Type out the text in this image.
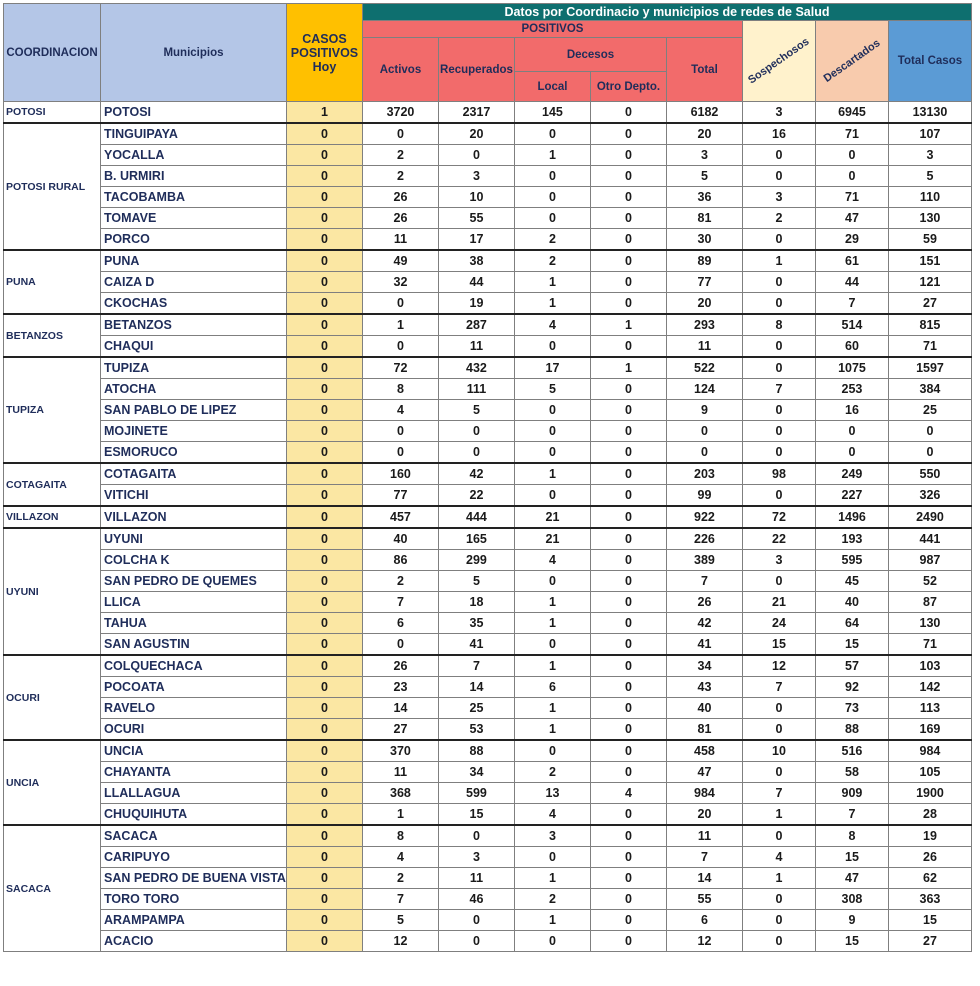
COORDINACION	Municipios	CASOS POSITIVOS Hoy	Datos por Coordinacio y municipios de redes de Salud							
			POSITIVOS					Sospechosos	Descartados	Total Casos
			Activos	Recuperados	Decesos		Total			
					Local	Otro Depto.				
POTOSI	POTOSI	1	3720	2317	145	0	6182	3	6945	13130
POTOSI RURAL	TINGUIPAYA	0	0	20	0	0	20	16	71	107
	YOCALLA	0	2	0	1	0	3	0	0	3
	B. URMIRI	0	2	3	0	0	5	0	0	5
	TACOBAMBA	0	26	10	0	0	36	3	71	110
	TOMAVE	0	26	55	0	0	81	2	47	130
	PORCO	0	11	17	2	0	30	0	29	59
PUNA	PUNA	0	49	38	2	0	89	1	61	151
	CAIZA D	0	32	44	1	0	77	0	44	121
	CKOCHAS	0	0	19	1	0	20	0	7	27
BETANZOS	BETANZOS	0	1	287	4	1	293	8	514	815
	CHAQUI	0	0	11	0	0	11	0	60	71
TUPIZA	TUPIZA	0	72	432	17	1	522	0	1075	1597
	ATOCHA	0	8	111	5	0	124	7	253	384
	SAN PABLO DE LIPEZ	0	4	5	0	0	9	0	16	25
	MOJINETE	0	0	0	0	0	0	0	0	0
	ESMORUCO	0	0	0	0	0	0	0	0	0
COTAGAITA	COTAGAITA	0	160	42	1	0	203	98	249	550
	VITICHI	0	77	22	0	0	99	0	227	326
VILLAZON	VILLAZON	0	457	444	21	0	922	72	1496	2490
UYUNI	UYUNI	0	40	165	21	0	226	22	193	441
	COLCHA K	0	86	299	4	0	389	3	595	987
	SAN PEDRO DE QUEMES	0	2	5	0	0	7	0	45	52
	LLICA	0	7	18	1	0	26	21	40	87
	TAHUA	0	6	35	1	0	42	24	64	130
	SAN AGUSTIN	0	0	41	0	0	41	15	15	71
OCURI	COLQUECHACA	0	26	7	1	0	34	12	57	103
	POCOATA	0	23	14	6	0	43	7	92	142
	RAVELO	0	14	25	1	0	40	0	73	113
	OCURI	0	27	53	1	0	81	0	88	169
UNCIA	UNCIA	0	370	88	0	0	458	10	516	984
	CHAYANTA	0	11	34	2	0	47	0	58	105
	LLALLAGUA	0	368	599	13	4	984	7	909	1900
	CHUQUIHUTA	0	1	15	4	0	20	1	7	28
SACACA	SACACA	0	8	0	3	0	11	0	8	19
	CARIPUYO	0	4	3	0	0	7	4	15	26
	SAN PEDRO DE BUENA VISTA	0	2	11	1	0	14	1	47	62
	TORO TORO	0	7	46	2	0	55	0	308	363
	ARAMPAMPA	0	5	0	1	0	6	0	9	15
	ACACIO	0	12	0	0	0	12	0	15	27
